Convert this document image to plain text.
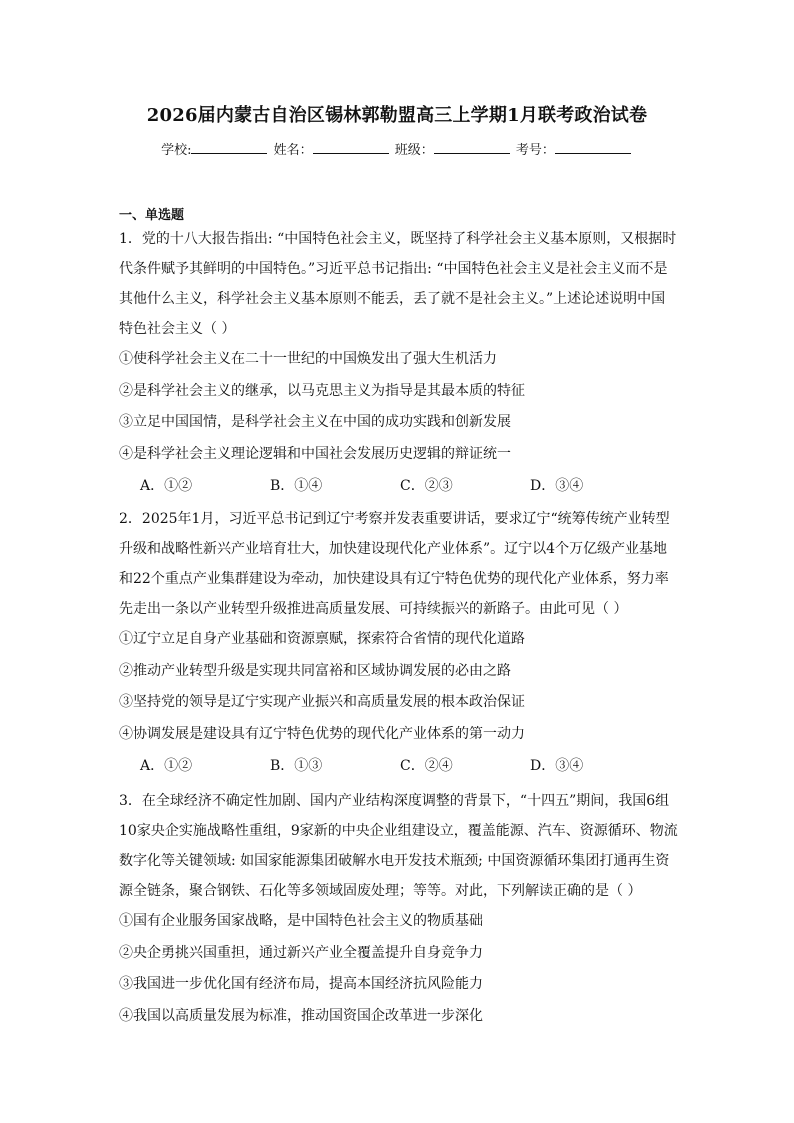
2026届内蒙古自治区锡林郭勒盟高三上学期1月联考政治试卷
学校:	姓名：	班级：	考号：
一、单选题
1．党的十八大报告指出: “中国特色社会主义，既坚持了科学社会主义基本原则，又根据时
代条件赋予其鲜明的中国特色。”习近平总书记指出: “中国特色社会主义是社会主义而不是
其他什么主义，科学社会主义基本原则不能丢，丢了就不是社会主义。”上述论述说明中国
特色社会主义（ ）
①使科学社会主义在二十一世纪的中国焕发出了强大生机活力
②是科学社会主义的继承，以马克思主义为指导是其最本质的特征
③立足中国国情，是科学社会主义在中国的成功实践和创新发展
④是科学社会主义理论逻辑和中国社会发展历史逻辑的辩证统一
A．①②	B．①④	C．②③	D．③④
2．2025年1月，习近平总书记到辽宁考察并发表重要讲话，要求辽宁“统筹传统产业转型
升级和战略性新兴产业培育壮大，加快建设现代化产业体系”。辽宁以4个万亿级产业基地
和22个重点产业集群建设为牵动，加快建设具有辽宁特色优势的现代化产业体系，努力率
先走出一条以产业转型升级推进高质量发展、可持续振兴的新路子。由此可见（ ）
①辽宁立足自身产业基础和资源禀赋，探索符合省情的现代化道路
②推动产业转型升级是实现共同富裕和区域协调发展的必由之路
③坚持党的领导是辽宁实现产业振兴和高质量发展的根本政治保证
④协调发展是建设具有辽宁特色优势的现代化产业体系的第一动力
A．①②	B．①③	C．②④	D．③④
3．在全球经济不确定性加剧、国内产业结构深度调整的背景下，“十四五”期间，我国6组
10家央企实施战略性重组，9家新的中央企业组建设立，覆盖能源、汽车、资源循环、物流
数字化等关键领域: 如国家能源集团破解水电开发技术瓶颈; 中国资源循环集团打通再生资
源全链条，聚合钢铁、石化等多领域固废处理；等等。对此，下列解读正确的是（ ）
①国有企业服务国家战略，是中国特色社会主义的物质基础
②央企勇挑兴国重担，通过新兴产业全覆盖提升自身竞争力
③我国进一步优化国有经济布局，提高本国经济抗风险能力
④我国以高质量发展为标准，推动国资国企改革进一步深化
